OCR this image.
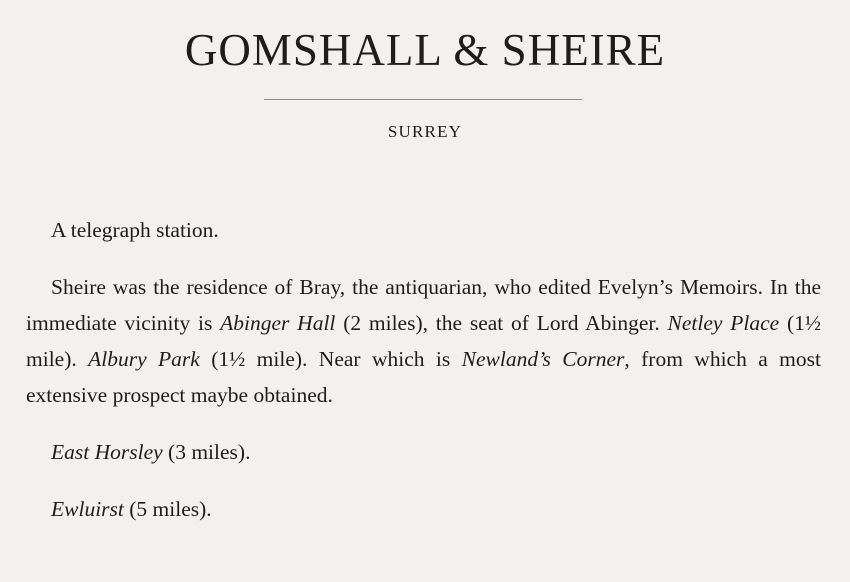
GOMSHALL & SHEIRE
SURREY

A telegraph station.

Sheire was the residence of Bray, the antiquarian, who edited Evelyn’s Memoirs. In the immediate vicinity is Abinger Hall (2 miles), the seat of Lord Abinger. Netley Place (1½ mile). Albury Park (1½ mile). Near which is Newland’s Corner, from which a most extensive prospect maybe obtained.

East Horsley (3 miles).

Ewluirst (5 miles).
